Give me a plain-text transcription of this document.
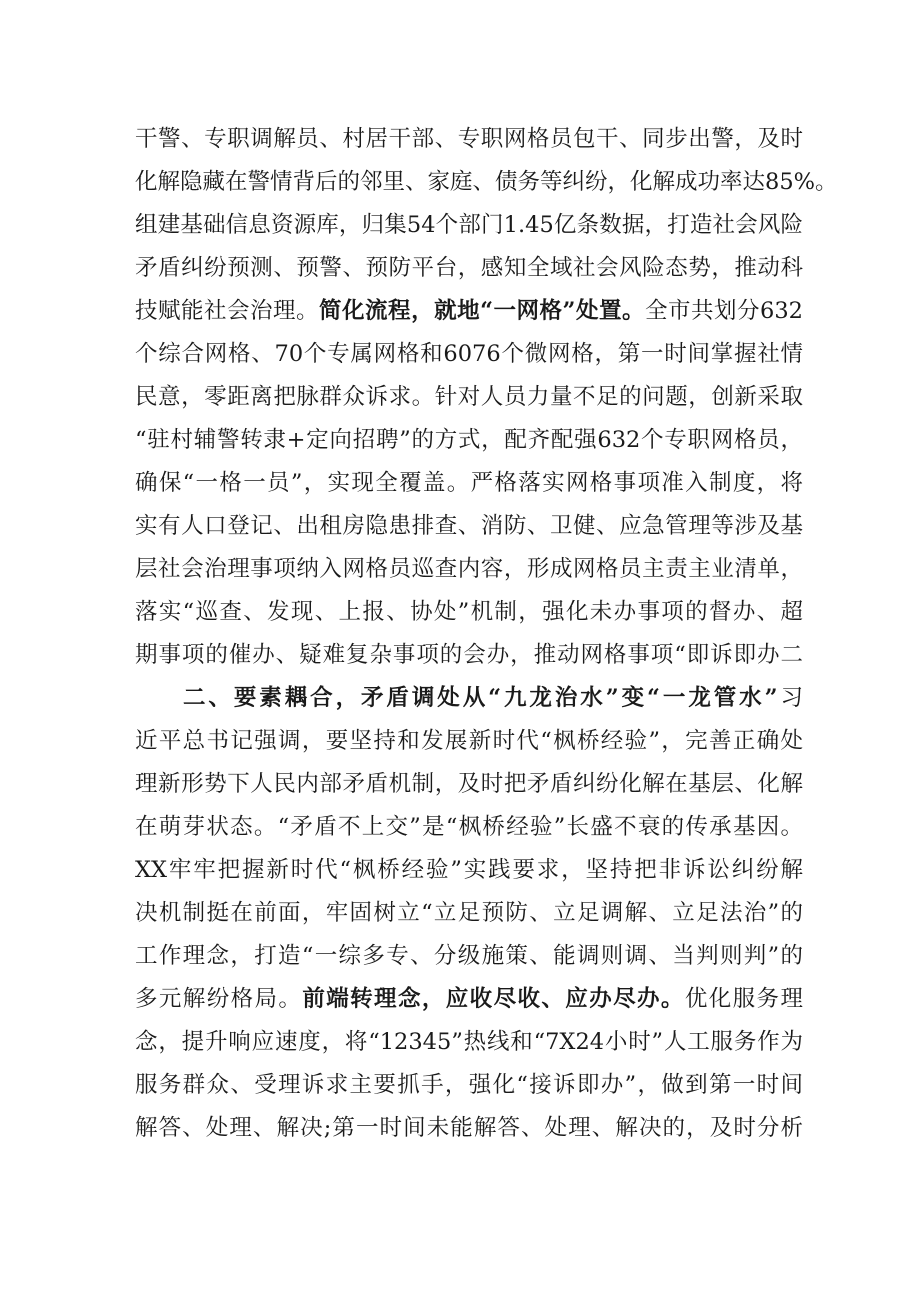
干警、专职调解员、村居干部、专职网格员包干、同步出警，及时
化解隐藏在警情背后的邻里、家庭、债务等纠纷，化解成功率达85%。
组建基础信息资源库，归集54个部门1.45亿条数据，打造社会风险
矛盾纠纷预测、预警、预防平台，感知全域社会风险态势，推动科
技赋能社会治理。简化流程，就地“一网格”处置。全市共划分632
个综合网格、70个专属网格和6076个微网格，第一时间掌握社情
民意，零距离把脉群众诉求。针对人员力量不足的问题，创新采取
“驻村辅警转隶+定向招聘”的方式，配齐配强632个专职网格员，
确保“一格一员”，实现全覆盖。严格落实网格事项准入制度，将
实有人口登记、出租房隐患排查、消防、卫健、应急管理等涉及基
层社会治理事项纳入网格员巡查内容，形成网格员主责主业清单，
落实“巡查、发现、上报、协处”机制，强化未办事项的督办、超
期事项的催办、疑难复杂事项的会办，推动网格事项“即诉即办二
二、要素耦合，矛盾调处从“九龙治水”变“一龙管水”习
近平总书记强调，要坚持和发展新时代“枫桥经验”，完善正确处
理新形势下人民内部矛盾机制，及时把矛盾纠纷化解在基层、化解
在萌芽状态。“矛盾不上交”是“枫桥经验”长盛不衰的传承基因。
XX牢牢把握新时代“枫桥经验”实践要求，坚持把非诉讼纠纷解
决机制挺在前面，牢固树立“立足预防、立足调解、立足法治”的
工作理念，打造“一综多专、分级施策、能调则调、当判则判”的
多元解纷格局。前端转理念，应收尽收、应办尽办。优化服务理
念，提升响应速度，将“12345”热线和“7X24小时”人工服务作为
服务群众、受理诉求主要抓手，强化“接诉即办”，做到第一时间
解答、处理、解决;第一时间未能解答、处理、解决的，及时分析
